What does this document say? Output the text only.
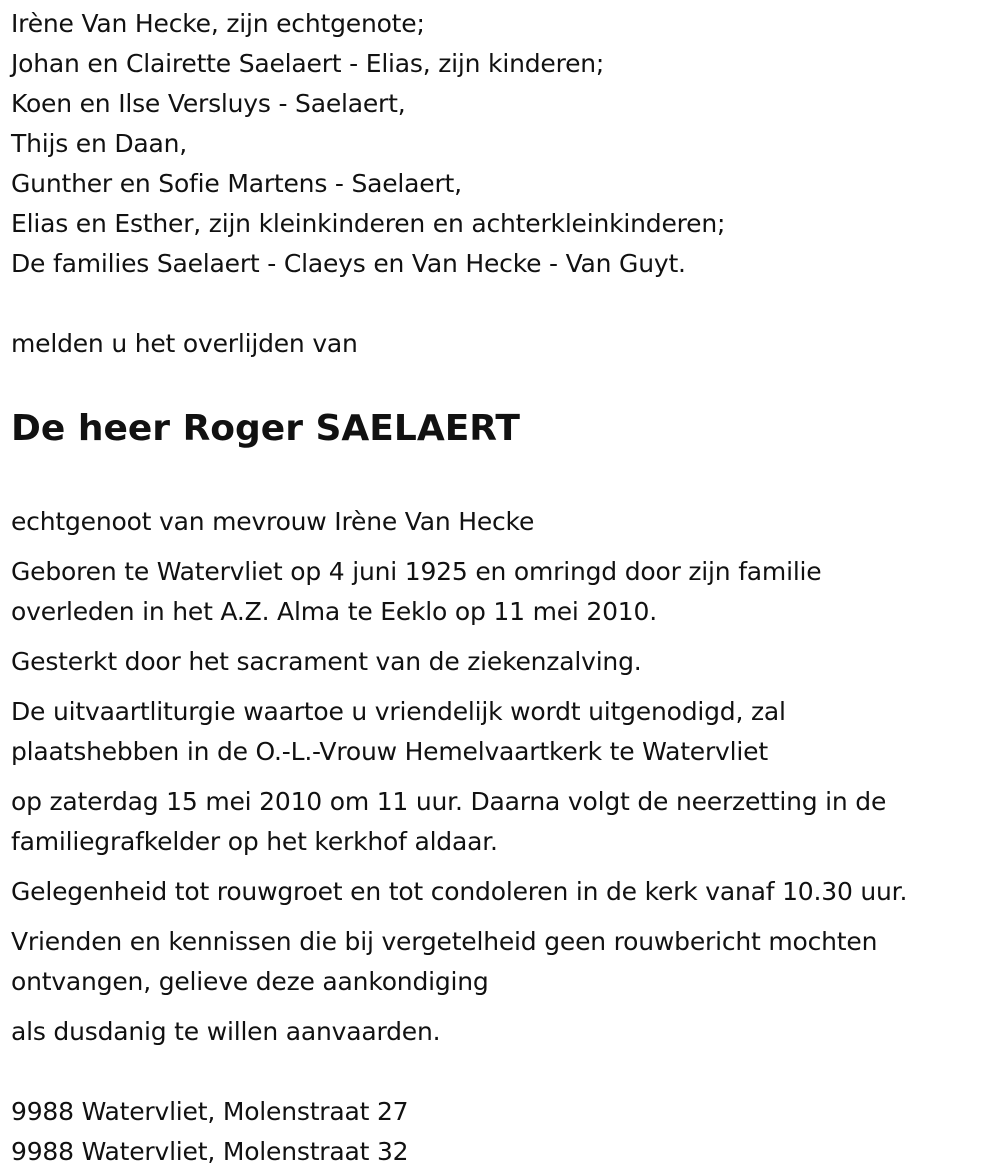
Irène Van Hecke, zijn echtgenote;
Johan en Clairette Saelaert - Elias, zijn kinderen;
Koen en Ilse Versluys - Saelaert,
Thijs en Daan,
Gunther en Sofie Martens - Saelaert,
Elias en Esther, zijn kleinkinderen en achterkleinkinderen;
De families Saelaert - Claeys en Van Hecke - Van Guyt.
melden u het overlijden van
De heer Roger SAELAERT
echtgenoot van mevrouw Irène Van Hecke
Geboren te Watervliet op 4 juni 1925 en omringd door zijn familie
overleden in het A.Z. Alma te Eeklo op 11 mei 2010.
Gesterkt door het sacrament van de ziekenzalving.
De uitvaartliturgie waartoe u vriendelijk wordt uitgenodigd, zal
plaatshebben in de O.-L.-Vrouw Hemelvaartkerk te Watervliet
op zaterdag 15 mei 2010 om 11 uur. Daarna volgt de neerzetting in de
familiegrafkelder op het kerkhof aldaar.
Gelegenheid tot rouwgroet en tot condoleren in de kerk vanaf 10.30 uur.
Vrienden en kennissen die bij vergetelheid geen rouwbericht mochten
ontvangen, gelieve deze aankondiging
als dusdanig te willen aanvaarden.
9988 Watervliet, Molenstraat 27
9988 Watervliet, Molenstraat 32
